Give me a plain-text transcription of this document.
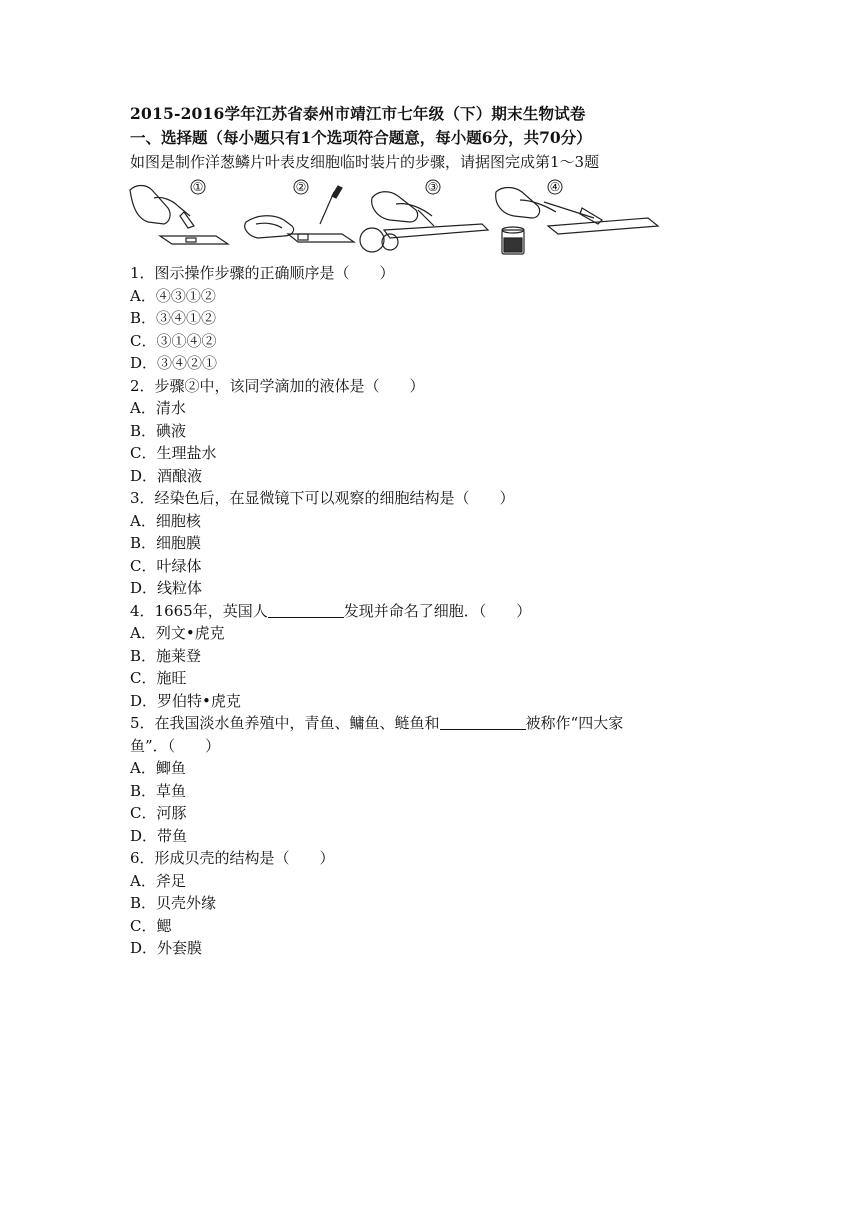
2015-2016学年江苏省泰州市靖江市七年级（下）期末生物试卷
一、选择题（每小题只有1个选项符合题意，每小题6分，共70分）
如图是制作洋葱鳞片叶表皮细胞临时装片的步骤，请据图完成第1～3题
①	②	③	④
1．图示操作步骤的正确顺序是（　　）
A．④③①②
B．③④①②
C．③①④②
D．③④②①
2．步骤②中，该同学滴加的液体是（　　）
A．清水
B．碘液
C．生理盐水
D．酒酿液
3．经染色后，在显微镜下可以观察的细胞结构是（　　）
A．细胞核
B．细胞膜
C．叶绿体
D．线粒体
4．1665年，英国人	发现并命名了细胞．（　　）
A．列文•虎克
B．施莱登
C．施旺
D．罗伯特•虎克
5．在我国淡水鱼养殖中，青鱼、鳙鱼、鲢鱼和	被称作“四大家
鱼”．（　　）
A．鲫鱼
B．草鱼
C．河豚
D．带鱼
6．形成贝壳的结构是（　　）
A．斧足
B．贝壳外缘
C．鳃
D．外套膜
